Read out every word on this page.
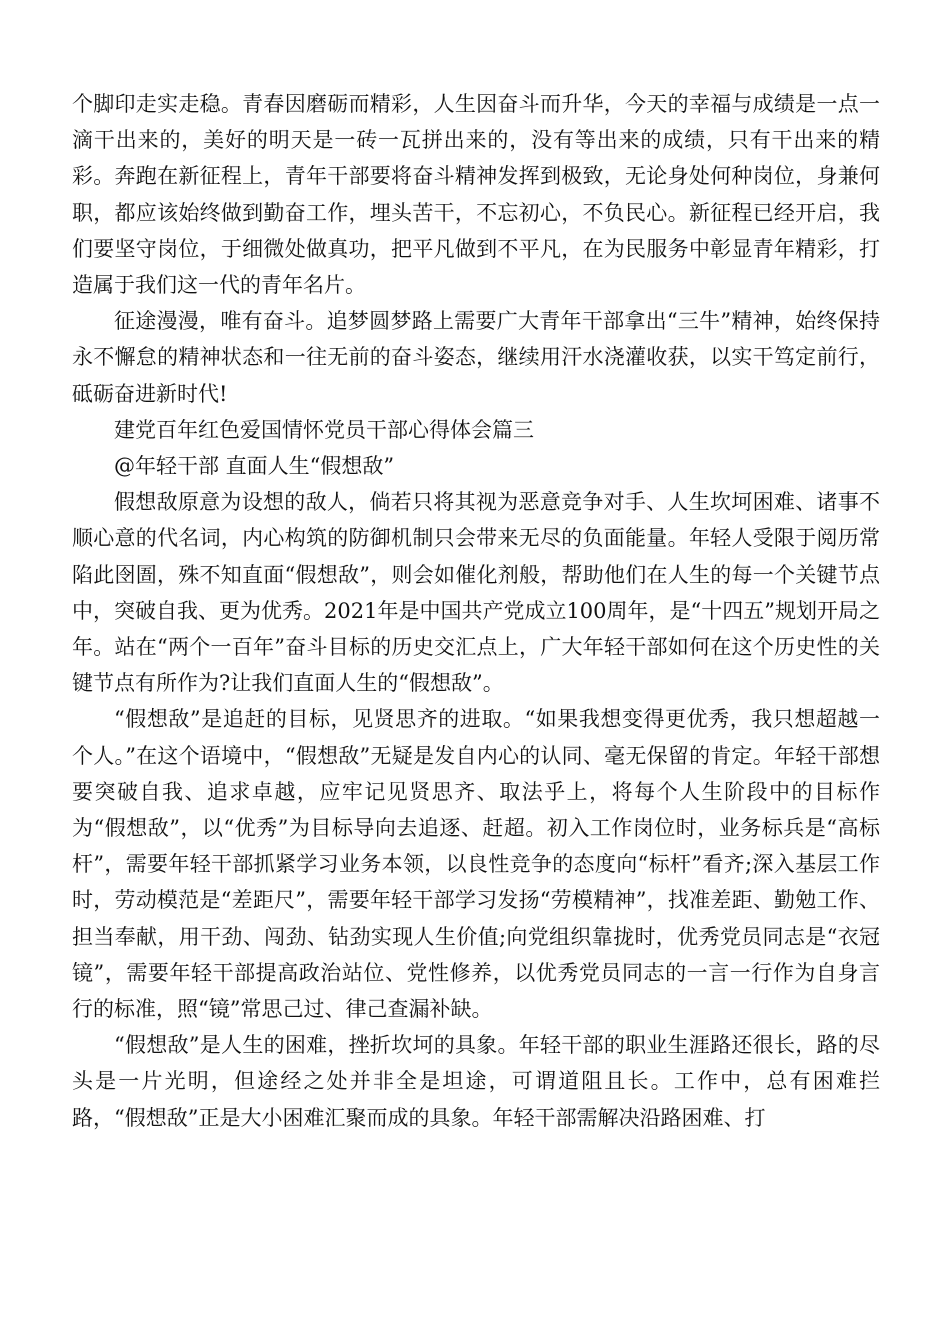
个脚印走实走稳。青春因磨砺而精彩，人生因奋斗而升华，今天的幸福与成绩是一点一滴干出来的，美好的明天是一砖一瓦拼出来的，没有等出来的成绩，只有干出来的精彩。奔跑在新征程上，青年干部要将奋斗精神发挥到极致，无论身处何种岗位，身兼何职，都应该始终做到勤奋工作，埋头苦干，不忘初心，不负民心。新征程已经开启，我们要坚守岗位，于细微处做真功，把平凡做到不平凡，在为民服务中彰显青年精彩，打造属于我们这一代的青年名片。

征途漫漫，唯有奋斗。追梦圆梦路上需要广大青年干部拿出“三牛”精神，始终保持永不懈怠的精神状态和一往无前的奋斗姿态，继续用汗水浇灌收获，以实干笃定前行，砥砺奋进新时代!

建党百年红色爱国情怀党员干部心得体会篇三

@年轻干部 直面人生“假想敌”

假想敌原意为设想的敌人，倘若只将其视为恶意竞争对手、人生坎坷困难、诸事不顺心意的代名词，内心构筑的防御机制只会带来无尽的负面能量。年轻人受限于阅历常陷此囹圄，殊不知直面“假想敌”，则会如催化剂般，帮助他们在人生的每一个关键节点中，突破自我、更为优秀。2021年是中国共产党成立100周年，是“十四五”规划开局之年。站在“两个一百年”奋斗目标的历史交汇点上，广大年轻干部如何在这个历史性的关键节点有所作为?让我们直面人生的“假想敌”。

“假想敌”是追赶的目标，见贤思齐的进取。“如果我想变得更优秀，我只想超越一个人。”在这个语境中，“假想敌”无疑是发自内心的认同、毫无保留的肯定。年轻干部想要突破自我、追求卓越，应牢记见贤思齐、取法乎上，将每个人生阶段中的目标作为“假想敌”，以“优秀”为目标导向去追逐、赶超。初入工作岗位时，业务标兵是“高标杆”，需要年轻干部抓紧学习业务本领，以良性竞争的态度向“标杆”看齐;深入基层工作时，劳动模范是“差距尺”，需要年轻干部学习发扬“劳模精神”，找准差距、勤勉工作、担当奉献，用干劲、闯劲、钻劲实现人生价值;向党组织靠拢时，优秀党员同志是“衣冠镜”，需要年轻干部提高政治站位、党性修养，以优秀党员同志的一言一行作为自身言行的标准，照“镜”常思己过、律己查漏补缺。

“假想敌”是人生的困难，挫折坎坷的具象。年轻干部的职业生涯路还很长，路的尽头是一片光明，但途经之处并非全是坦途，可谓道阻且长。工作中，总有困难拦路，“假想敌”正是大小困难汇聚而成的具象。年轻干部需解决沿路困难、打
